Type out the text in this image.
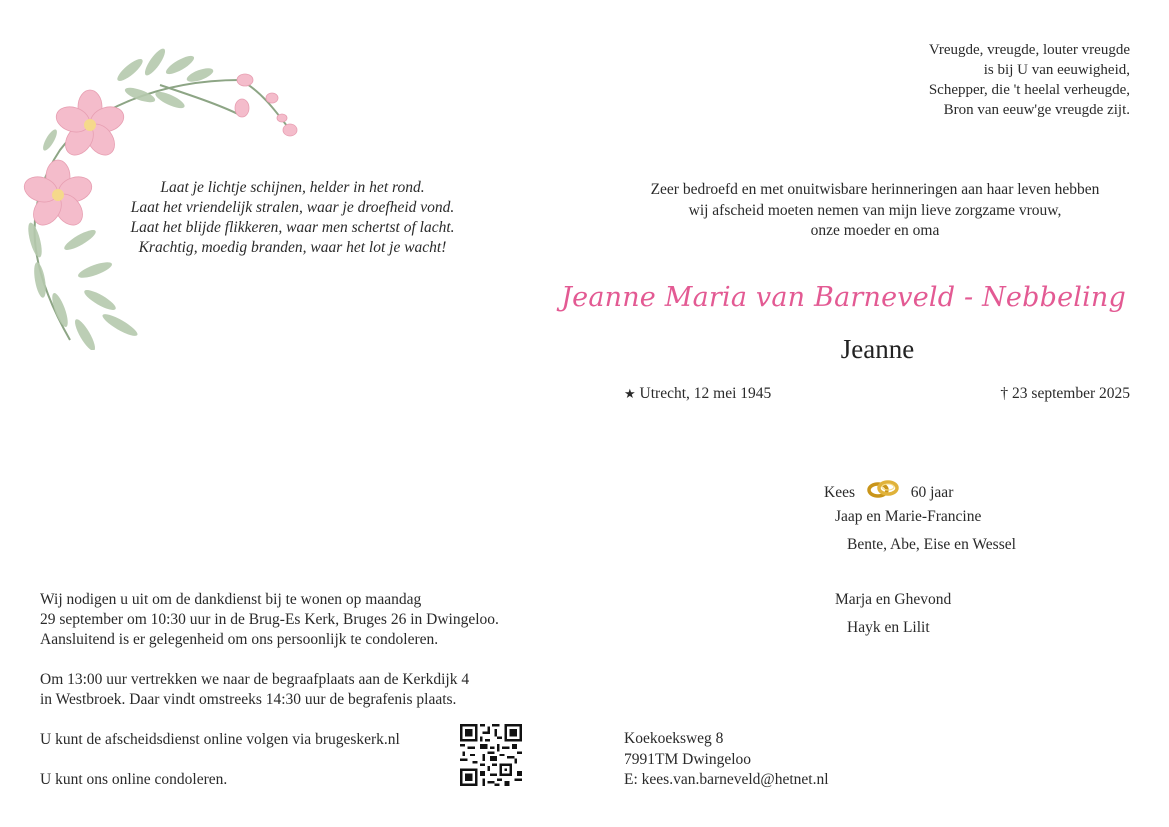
Vreugde, vreugde, louter vreugde
is bij U van eeuwigheid,
Schepper, die 't heelal verheugde,
Bron van eeuw'ge vreugde zijt.
Laat je lichtje schijnen, helder in het rond.
Laat het vriendelijk stralen, waar je droefheid vond.
Laat het blijde flikkeren, waar men schertst of lacht.
Krachtig, moedig branden, waar het lot je wacht!
Zeer bedroefd en met onuitwisbare herinneringen aan haar leven hebben
wij afscheid moeten nemen van mijn lieve zorgzame vrouw,
onze moeder en oma
Jeanne Maria van Barneveld - Nebbeling
Jeanne
★ Utrecht, 12 mei 1945	† 23 september 2025
Kees	60 jaar
Jaap en Marie-Francine
Bente, Abe, Eise en Wessel
Marja en Ghevond
Hayk en Lilit

Wij nodigen u uit om de dankdienst bij te wonen op maandag
29 september om 10:30 uur in de Brug-Es Kerk, Bruges 26 in Dwingeloo.
Aansluitend is er gelegenheid om ons persoonlijk te condoleren.

Om 13:00 uur vertrekken we naar de begraafplaats aan de Kerkdijk 4
in Westbroek. Daar vindt omstreeks 14:30 uur de begrafenis plaats.

U kunt de afscheidsdienst online volgen via brugeskerk.nl

U kunt ons online condoleren.

Koekoeksweg 8
7991TM Dwingeloo
E: kees.van.barneveld@hetnet.nl
